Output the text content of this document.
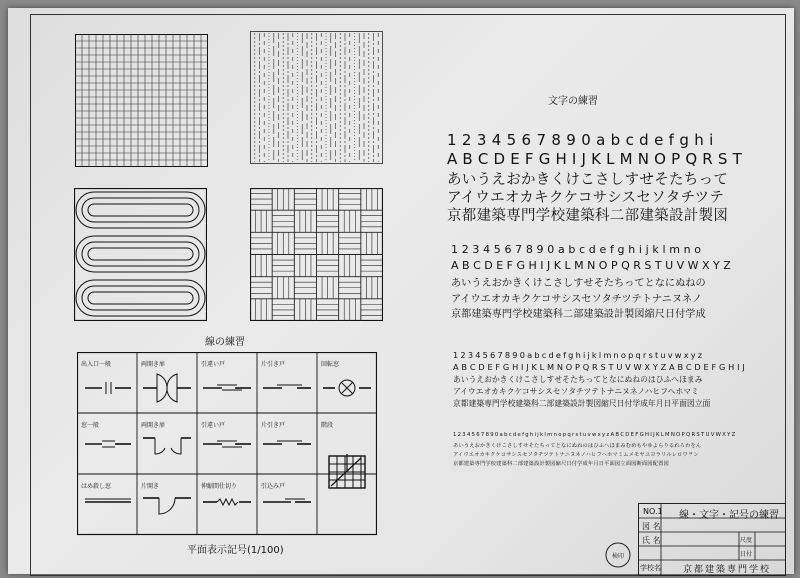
線の練習
文字の練習
平面表示記号(1/100)
1 2 3 4 5 6 7 8 9 0 a b c d e f g h i
A B C D E F G H I J K L M N O P Q R S T
あいうえおかきくけこさしすせそたちって
アイウエオカキクケコサシスセソタチツテ
京都建築専門学校建築科二部建築設計製図
1 2 3 4 5 6 7 8 9 0 a b c d e f g h i j k l m n o
A B C D E F G H I J K L M N O P Q R S T U V W X Y Z
あいうえおかきくけこさしすせそたちってとなにぬねの
アイウエオカキクケコサシスセソタチツテトナニヌネノ
京都建築専門学校建築科二部建築設計製図縮尺日付学成
1 2 3 4 5 6 7 8 9 0 a b c d e f g h i j k l m n o p q r s t u v w x y z
A B C D E F G H I J K L M N O P Q R S T U V W X Y Z A B C D E F G H I J
あいうえおかきくけこさしすせそたちってとなにぬねのはひふへほまみ
アイウエオカキクケコサシスセソタチツテトナニヌネノハヒフヘホマミ
京都建築専門学校建築科二部建築設計製図縮尺日付学成年月日平面図立面
1 2 3 4 5 6 7 8 9 0 a b c d e f g h i j k l m n o p q r s t u v w x y z A B C D E F G H I J K L M N O P Q R S T U V W X Y Z
あいうえおかきくけこさしすせそたちってとなにぬねのはひふへほまみむめもやゆよらりるれろわをん
アイウエオカキクケコサシスセソタチツテトナニヌネノハヒフヘホマミムメモヤユヨラリルレロワヲン
京都建築専門学校建築科二部建築設計製図縮尺日付学成年月日平面図立面図断面図配置図
出入口一般	両開き扉	引違い戸	片引き戸	回転窓
窓一般	両開き扉	引違い戸	片引き戸	階段
はめ殺し窓	片開き	伸縮間仕切り	引込み戸
NO.1 線・文字・記号の練習
図 名
尺度
氏 名
日付
学校名 京都建築専門学校
検印
